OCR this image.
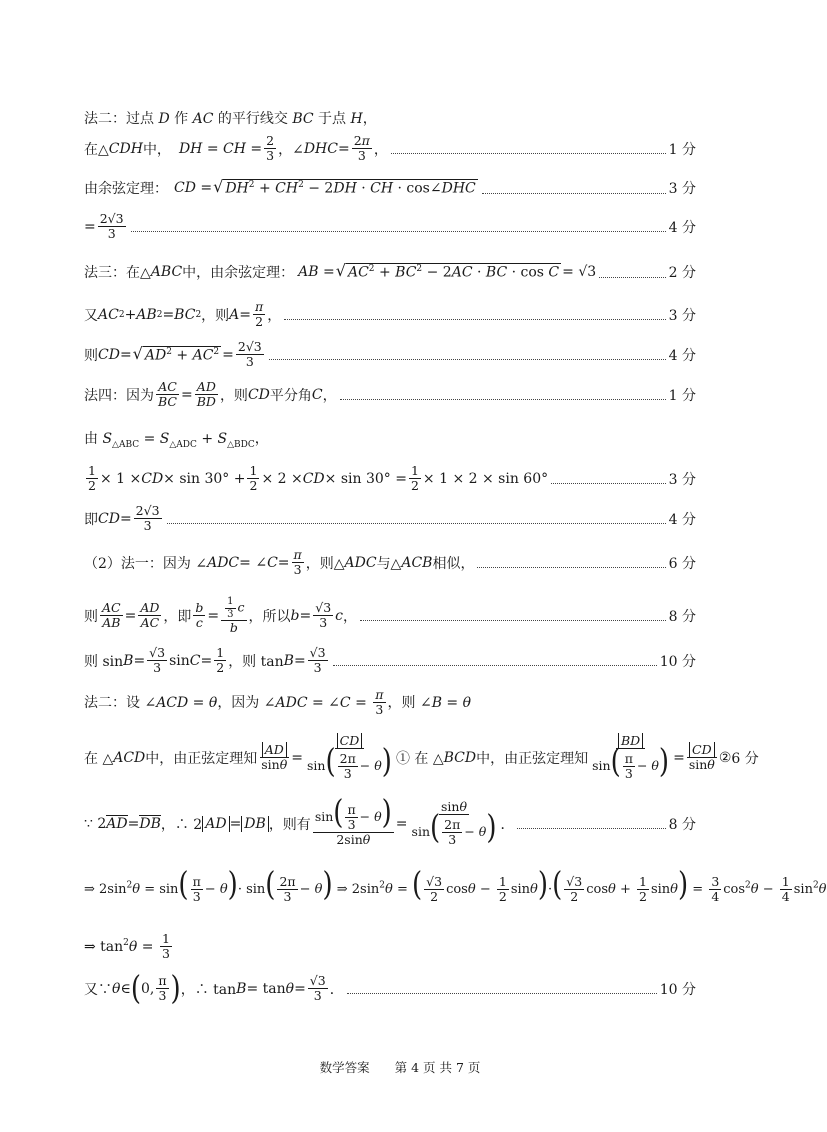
法二：过点 D 作 AC 的平行线交 BC 于点 H，
在△ CDH 中， DH = CH = $\frac{2}{3}$ ，∠ DHC = $\frac{2\pi}{3}$ ，	1 分
由余弦定理： CD = √ $DH^2 + CH^2 - 2DH$ · CH · cos∠DHC	3 分
= $\frac{2√3}{3}$	4 分
法三：在△ ABC 中，由余弦定理： AB = √ $AC^2 + BC^2 - 2AC$ · BC · cos C = √3	2 分
又 AC 2 + AB 2 = BC 2 ，则 $A = \frac{\pi}{2}$ ，	3 分
则 CD = √ $AD^2 + AC^2 = \frac{2√3}{3}$	4 分
法四：因为 $\frac{AC}{BC} = \frac{AD}{BD}$ ，则 CD 平分角 C ，	1 分
由 $S_{\triangle ABC} = S_{\triangle ADC} + S_{\triangle BDC}$，
$\frac{1}{2} \times 1$ × CD × $\sin 30^\circ + \frac{1}{2} \times 2$ × CD × $\sin 30^\circ = \frac{1}{2} \times 1 \times 2 \times \sin 60^\circ$	3 分
即 CD = $\frac{2√3}{3}$	4 分
（2）法一：因为 ∠ ADC = ∠ $C = \frac{\pi}{3}$ ，则△ ADC 与△ ACB 相似，	6 分
则 $\frac{AC}{AB} = \frac{AD}{AC}$ ，即 $\frac{b}{c} = \frac{\frac{1}{3} c}{b}$ ，所以 $b = \frac{√3}{3}$ c ，	8 分
则 $\sin B = \frac{√3}{3}$ $\sin C = \frac{1}{2}$ ，则 $\tan B = \frac{√3}{3}$	10 分
法二：设 ∠ACD = θ，因为 ∠ADC = ∠C = $\frac{\pi}{3}$ ，则 ∠B = θ
在 △ ACD 中，由正弦定理知 $\frac{AD}{\sin\theta} = \frac{CD}{\sin( \frac{2\pi}{3} - \theta)}$ ① 在 △ BCD 中，由正弦定理知 $\frac{BD}{\sin( \frac{\pi}{3} - \theta)} = \frac{CD}{\sin\theta}$ ② 6 分
∵ 2 AD = DB ，∴ 2 AD = DB ，则有 $\frac{\sin( \frac{\pi}{3} - \theta)}{2\sin\theta} = \frac{\sin\theta}{\sin( \frac{2\pi}{3} - \theta)}$ ．	8 分
⇒ $2\sin^2\theta = \sin( \frac{\pi}{3} - \theta)\cdot \sin( \frac{2\pi}{3} - \theta)$ ⇒ $2\sin^2\theta$ = ( $\frac{√3}{2}$ $\cos\theta - \frac{1}{2} \sin\theta)\cdot( \frac{√3}{2}$ $\cos\theta + \frac{1}{2} \sin\theta) = \frac{3}{4} \cos^2\theta - \frac{1}{4} \sin^2\theta$
⇒ $\tan^2\theta = \frac{1}{3}$
又∵ θ ∈ ( 0, $\frac{\pi}{3}$ ) ，∴ $\tan B = \tan \theta = \frac{√3}{3}$ ．	10 分
数学答案　　第 4 页 共 7 页
